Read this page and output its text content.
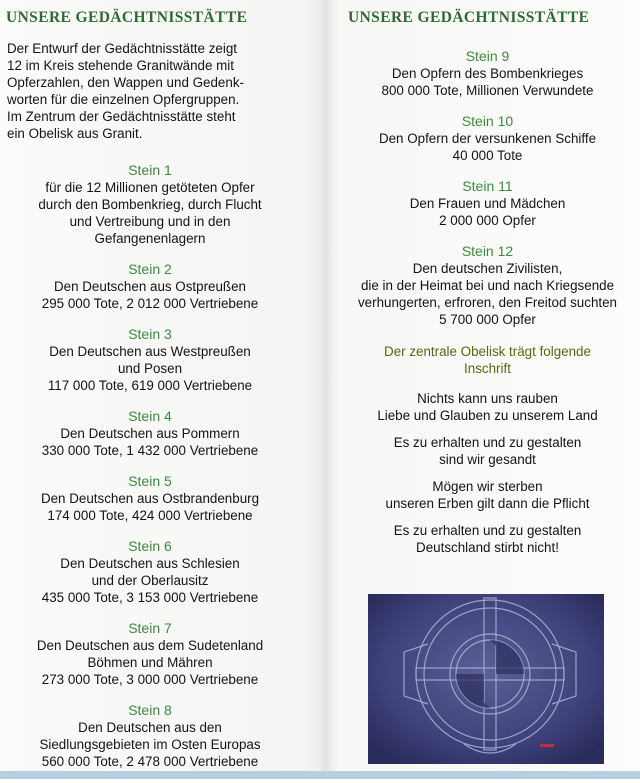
UNSERE GEDÄCHTNISSTÄTTE
Der Entwurf der Gedächtnisstätte zeigt
12 im Kreis stehende Granitwände mit
Opferzahlen, den Wappen und Gedenk-
worten für die einzelnen Opfergruppen.
Im Zentrum der Gedächtnisstätte steht
ein Obelisk aus Granit.
Stein 1
für die 12 Millionen getöteten Opfer
durch den Bombenkrieg, durch Flucht
und Vertreibung und in den
Gefangenenlagern
Stein 2
Den Deutschen aus Ostpreußen
295 000 Tote, 2 012 000 Vertriebene
Stein 3
Den Deutschen aus Westpreußen
und Posen
117 000 Tote, 619 000 Vertriebene
Stein 4
Den Deutschen aus Pommern
330 000 Tote, 1 432 000 Vertriebene
Stein 5
Den Deutschen aus Ostbrandenburg
174 000 Tote, 424 000 Vertriebene
Stein 6
Den Deutschen aus Schlesien
und der Oberlausitz
435 000 Tote, 3 153 000 Vertriebene
Stein 7
Den Deutschen aus dem Sudetenland
Böhmen und Mähren
273 000 Tote, 3 000 000 Vertriebene
Stein 8
Den Deutschen aus den
Siedlungsgebieten im Osten Europas
560 000 Tote, 2 478 000 Vertriebene
UNSERE GEDÄCHTNISSTÄTTE
Stein 9
Den Opfern des Bombenkrieges
800 000 Tote, Millionen Verwundete
Stein 10
Den Opfern der versunkenen Schiffe
40 000 Tote
Stein 11
Den Frauen und Mädchen
2 000 000 Opfer
Stein 12
Den deutschen Zivilisten,
die in der Heimat bei und nach Kriegsende
verhungerten, erfroren, den Freitod suchten
5 700 000 Opfer
Der zentrale Obelisk trägt folgende
Inschrift
Nichts kann uns rauben
Liebe und Glauben zu unserem Land
Es zu erhalten und zu gestalten
sind wir gesandt
Mögen wir sterben
unseren Erben gilt dann die Pflicht
Es zu erhalten und zu gestalten
Deutschland stirbt nicht!
